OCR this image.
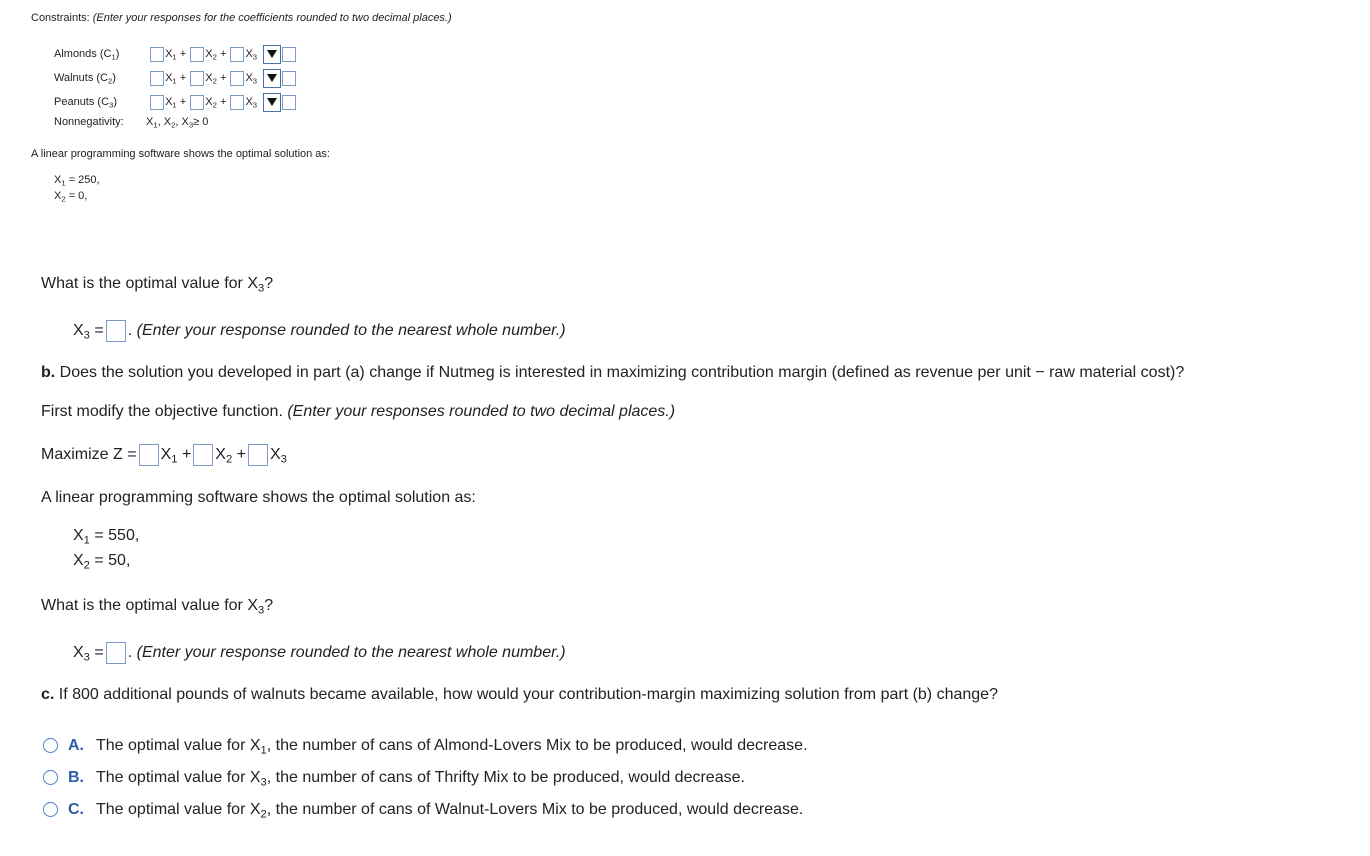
Constraints: (Enter your responses for the coefficients rounded to two decimal places.)
Almonds $(C_1)$	$X_1 + X_2 + X_3$
Walnuts $(C_2)$	$X_1 + X_2 + X_3$
Peanuts $(C_3)$	$X_1 + X_2 + X_3$
Nonnegativity: $X_1$, $X_2$, $X_3\ge 0$
A linear programming software shows the optimal solution as:
$X_1 = 250$,
$X_2 = 0$,
What is the optimal value for $X_3$?
$X_3$ = . (Enter your response rounded to the nearest whole number.)
b. Does the solution you developed in part (a) change if Nutmeg is interested in maximizing contribution margin (defined as revenue per unit − raw material cost)?
First modify the objective function. (Enter your responses rounded to two decimal places.)
Maximize $Z = X_1 + X_2 + X_3$
A linear programming software shows the optimal solution as:
$X_1 = 550$,
$X_2 = 50$,
What is the optimal value for $X_3$?
$X_3$ = . (Enter your response rounded to the nearest whole number.)
c. If 800 additional pounds of walnuts became available, how would your contribution-margin maximizing solution from part (b) change?
A. The optimal value for $X_1$, the number of cans of Almond-Lovers Mix to be produced, would decrease.
B. The optimal value for $X_3$, the number of cans of Thrifty Mix to be produced, would decrease.
C. The optimal value for $X_2$, the number of cans of Walnut-Lovers Mix to be produced, would decrease.
